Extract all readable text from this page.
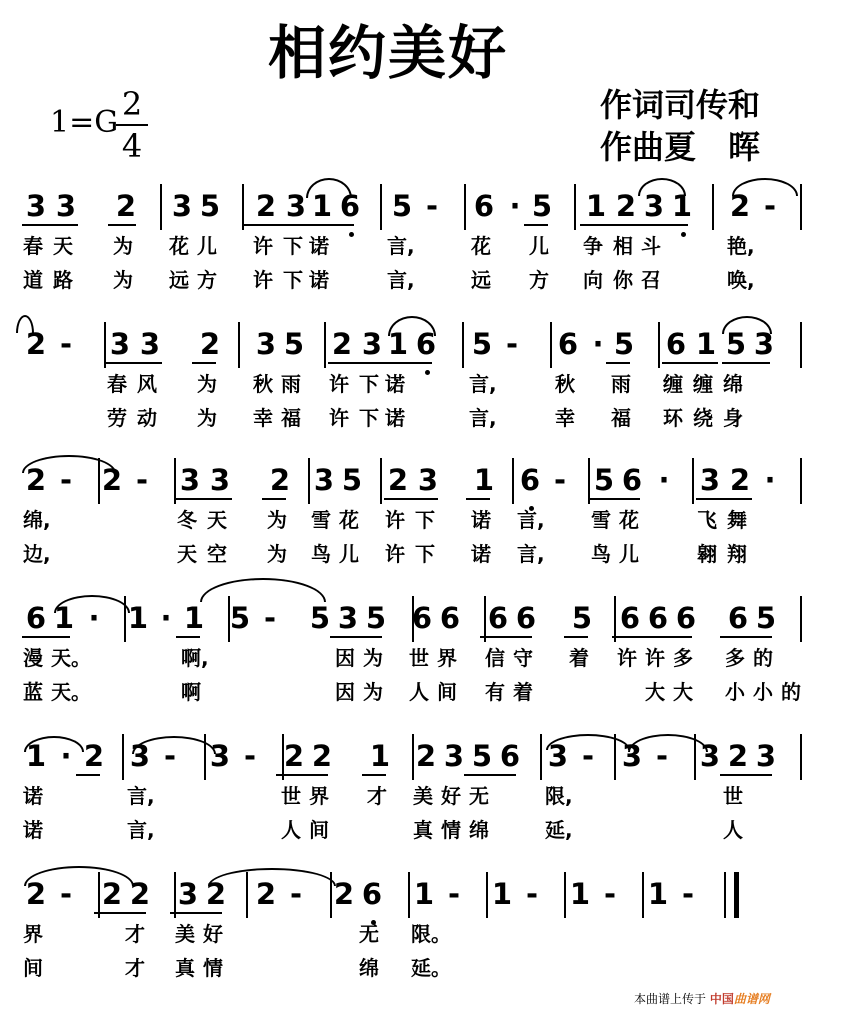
相约美好
1=G 2
4
作词司传和
作曲夏　晖
3 3 2 3 5 2 3 1 6 5 - 6 · 5 1 2 3 1 2 -
春 天	为	花 儿	许 下 诺	言,	花	儿	争 相 斗	艳,
道 路	为	远 方	许 下 诺	言,	远	方	向 你 召	唤,
2 - 3 3 2 3 5 2 3 1 6 5 - 6 · 5 6 1 5 3
春 风	为	秋 雨	许 下 诺	言,	秋	雨	缠 缠 绵
劳 动	为	幸 福	许 下 诺	言,	幸	福	环 绕 身
2 - 2 - 3 3 2 3 5 2 3 1 6 - 5 6 · 3 2 ·
绵,	冬 天	为	雪 花	许 下	诺	言, 雪 花	飞 舞
边,	天 空	为	鸟 儿	许 下	诺	言, 鸟 儿	翱 翔
6 1 · 1 · 1 5 - 5 3 5 6 6 6 6 5 6 6 6 6 5
漫 天。	啊,	因 为	世 界	信 守	着	许 许 多	多 的
蓝 天。	啊	因 为	人 间	有 着	大 大	小 小 的
1 · 2 3 - 3 - 2 2 1 2 3 5 6 3 - 3 - 3 2 3
诺	言,	世 界	才	美 好 无	限,	世
诺	言,	人 间	真 情 绵	延,	人
2 - 2 2 3 2 2 - 2 6 1 - 1 - 1 - 1 -
界	才	美 好	无	限。
间	才	真 情	绵	延。
本曲谱上传于 中国曲谱网
